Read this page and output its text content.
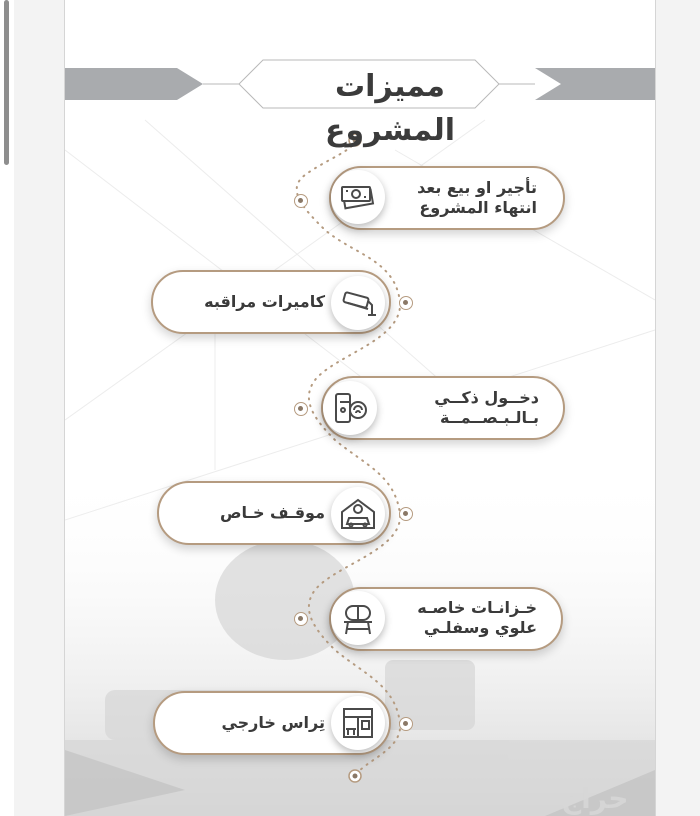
مميزات المشروع
تأجير او بيع بعد
انتهاء المشروع
كاميرات مراقبه
دخــول ذكــي
بـالـبـصــمــة
موقـف خـاص
خـزانـات خاصـه
علوي وسفلـي
تِراس خارجي
حراج
